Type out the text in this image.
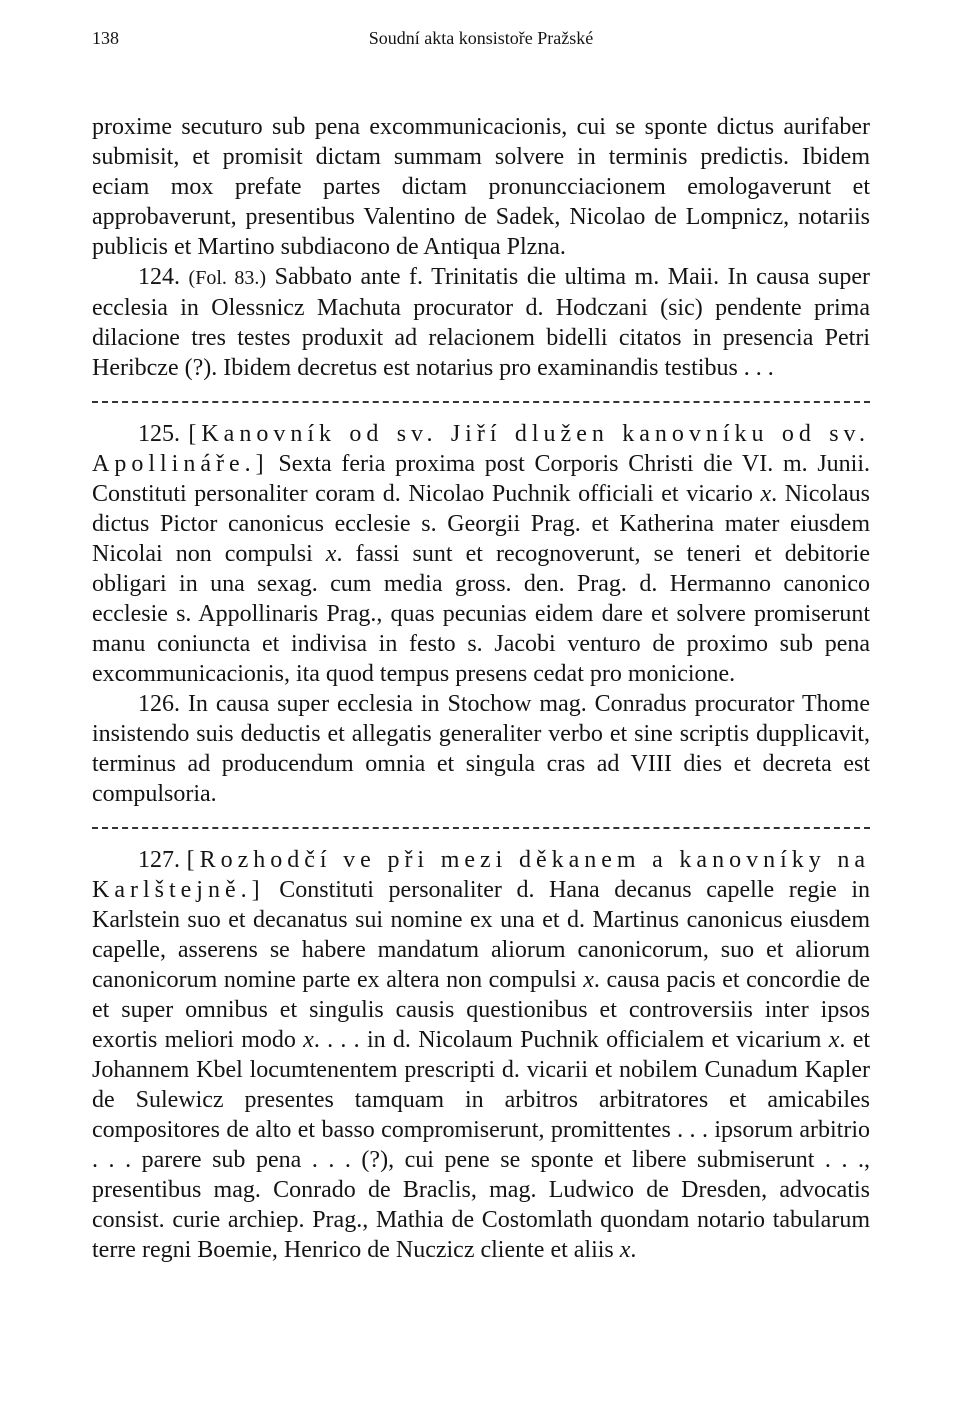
138	Soudní akta konsistoře Pražské

proxime secuturo sub pena excommunicacionis, cui se sponte dictus aurifaber submisit, et promisit dictam summam solvere in terminis predictis. Ibidem eciam mox prefate partes dictam pronuncciacionem emologaverunt et approbaverunt, presentibus Valentino de Sadek, Nicolao de Lompnicz, notariis publicis et Martino subdiacono de Antiqua Plzna.

124. (Fol. 83.) Sabbato ante f. Trinitatis die ultima m. Maii. In causa super ecclesia in Olessnicz Machuta procurator d. Hodczani (sic) pendente prima dilacione tres testes produxit ad relacionem bidelli citatos in presencia Petri Heribcze (?). Ibidem decretus est notarius pro examinandis testibus . . .

125. [Kanovník od sv. Jiří dlužen kanovníku od sv. Apollináře.] Sexta feria proxima post Corporis Christi die VI. m. Junii. Constituti personaliter coram d. Nicolao Puchnik officiali et vicario x. Nicolaus dictus Pictor canonicus ecclesie s. Georgii Prag. et Katherina mater eiusdem Nicolai non compulsi x. fassi sunt et recognoverunt, se teneri et debitorie obligari in una sexag. cum media gross. den. Prag. d. Hermanno canonico ecclesie s. Appollinaris Prag., quas pecunias eidem dare et solvere promiserunt manu coniuncta et indivisa in festo s. Jacobi venturo de proximo sub pena excommunicacionis, ita quod tempus presens cedat pro monicione.

126. In causa super ecclesia in Stochow mag. Conradus procurator Thome insistendo suis deductis et allegatis generaliter verbo et sine scriptis dupplicavit, terminus ad producendum omnia et singula cras ad VIII dies et decreta est compulsoria.

127. [Rozhodčí ve při mezi děkanem a kanovníky na Karlštejně.] Constituti personaliter d. Hana decanus capelle regie in Karlstein suo et decanatus sui nomine ex una et d. Martinus canonicus eiusdem capelle, asserens se habere mandatum aliorum canonicorum, suo et aliorum canonicorum nomine parte ex altera non compulsi x. causa pacis et concordie de et super omnibus et singulis causis questionibus et controversiis inter ipsos exortis meliori modo x. . . . in d. Nicolaum Puchnik officialem et vicarium x. et Johannem Kbel locumtenentem prescripti d. vicarii et nobilem Cunadum Kapler de Sulewicz presentes tamquam in arbitros arbitratores et amicabiles compositores de alto et basso compromiserunt, promittentes . . . ipsorum arbitrio . . . parere sub pena . . . (?), cui pene se sponte et libere submiserunt . . ., presentibus mag. Conrado de Braclis, mag. Ludwico de Dresden, advocatis consist. curie archiep. Prag., Mathia de Costomlath quondam notario tabularum terre regni Boemie, Henrico de Nuczicz cliente et aliis x.
